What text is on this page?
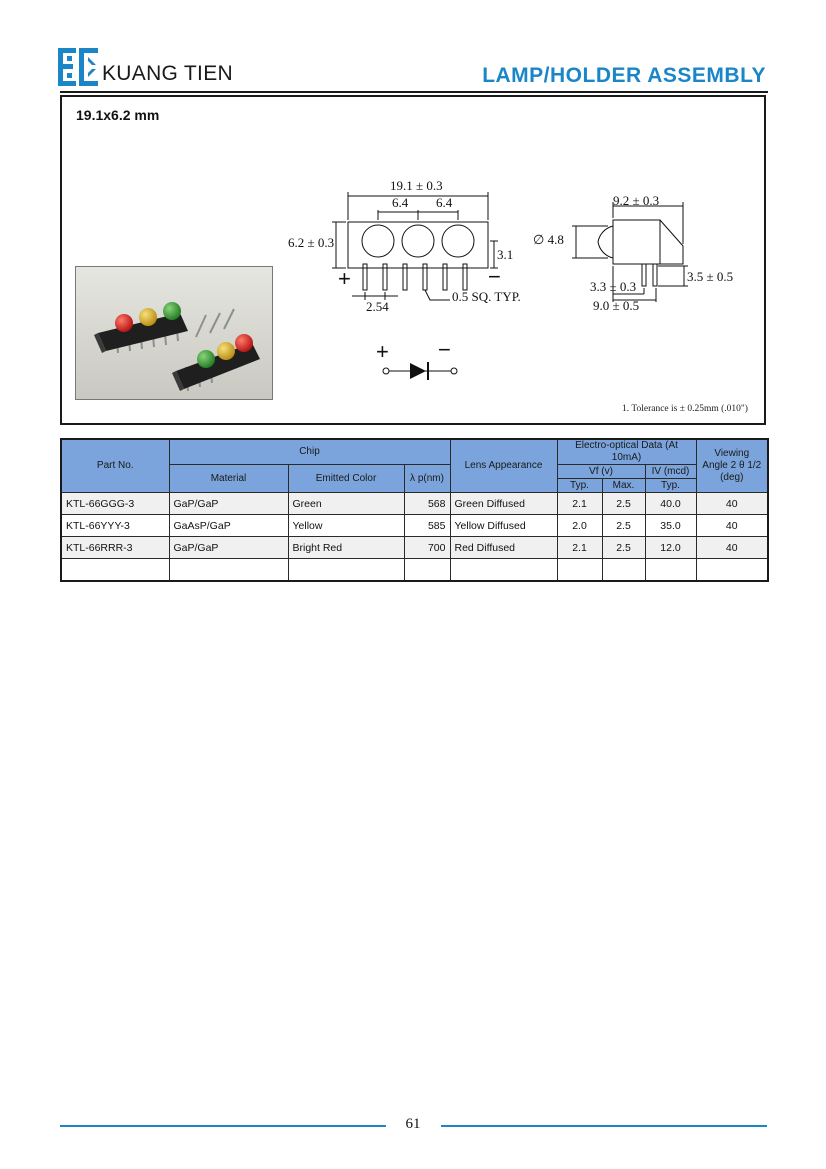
KUANG TIEN	LAMP/HOLDER ASSEMBLY
19.1x6.2 mm
19.1 ± 0.3
6.4 6.4
6.2 ± 0.3
3.1
2.54
0.5 SQ. TYP.
∅ 4.8
9.2 ± 0.3
3.5 ± 0.5
3.3 ± 0.3
9.0 ± 0.5
+	−
+ −
1. Tolerance is ± 0.25mm (.010")
Part No.	Chip			Lens Appearance	Electro-optical Data (At 10mA)			Viewing Angle 2 θ 1/2 (deg)
	Material	Emitted Color	λ p(nm)		Vf (v)		IV (mcd)	
					Typ.	Max.	Typ.	
KTL-66GGG-3	GaP/GaP	Green	568	Green Diffused	2.1	2.5	40.0	40
KTL-66YYY-3	GaAsP/GaP	Yellow	585	Yellow Diffused	2.0	2.5	35.0	40
KTL-66RRR-3	GaP/GaP	Bright Red	700	Red Diffused	2.1	2.5	12.0	40

61
